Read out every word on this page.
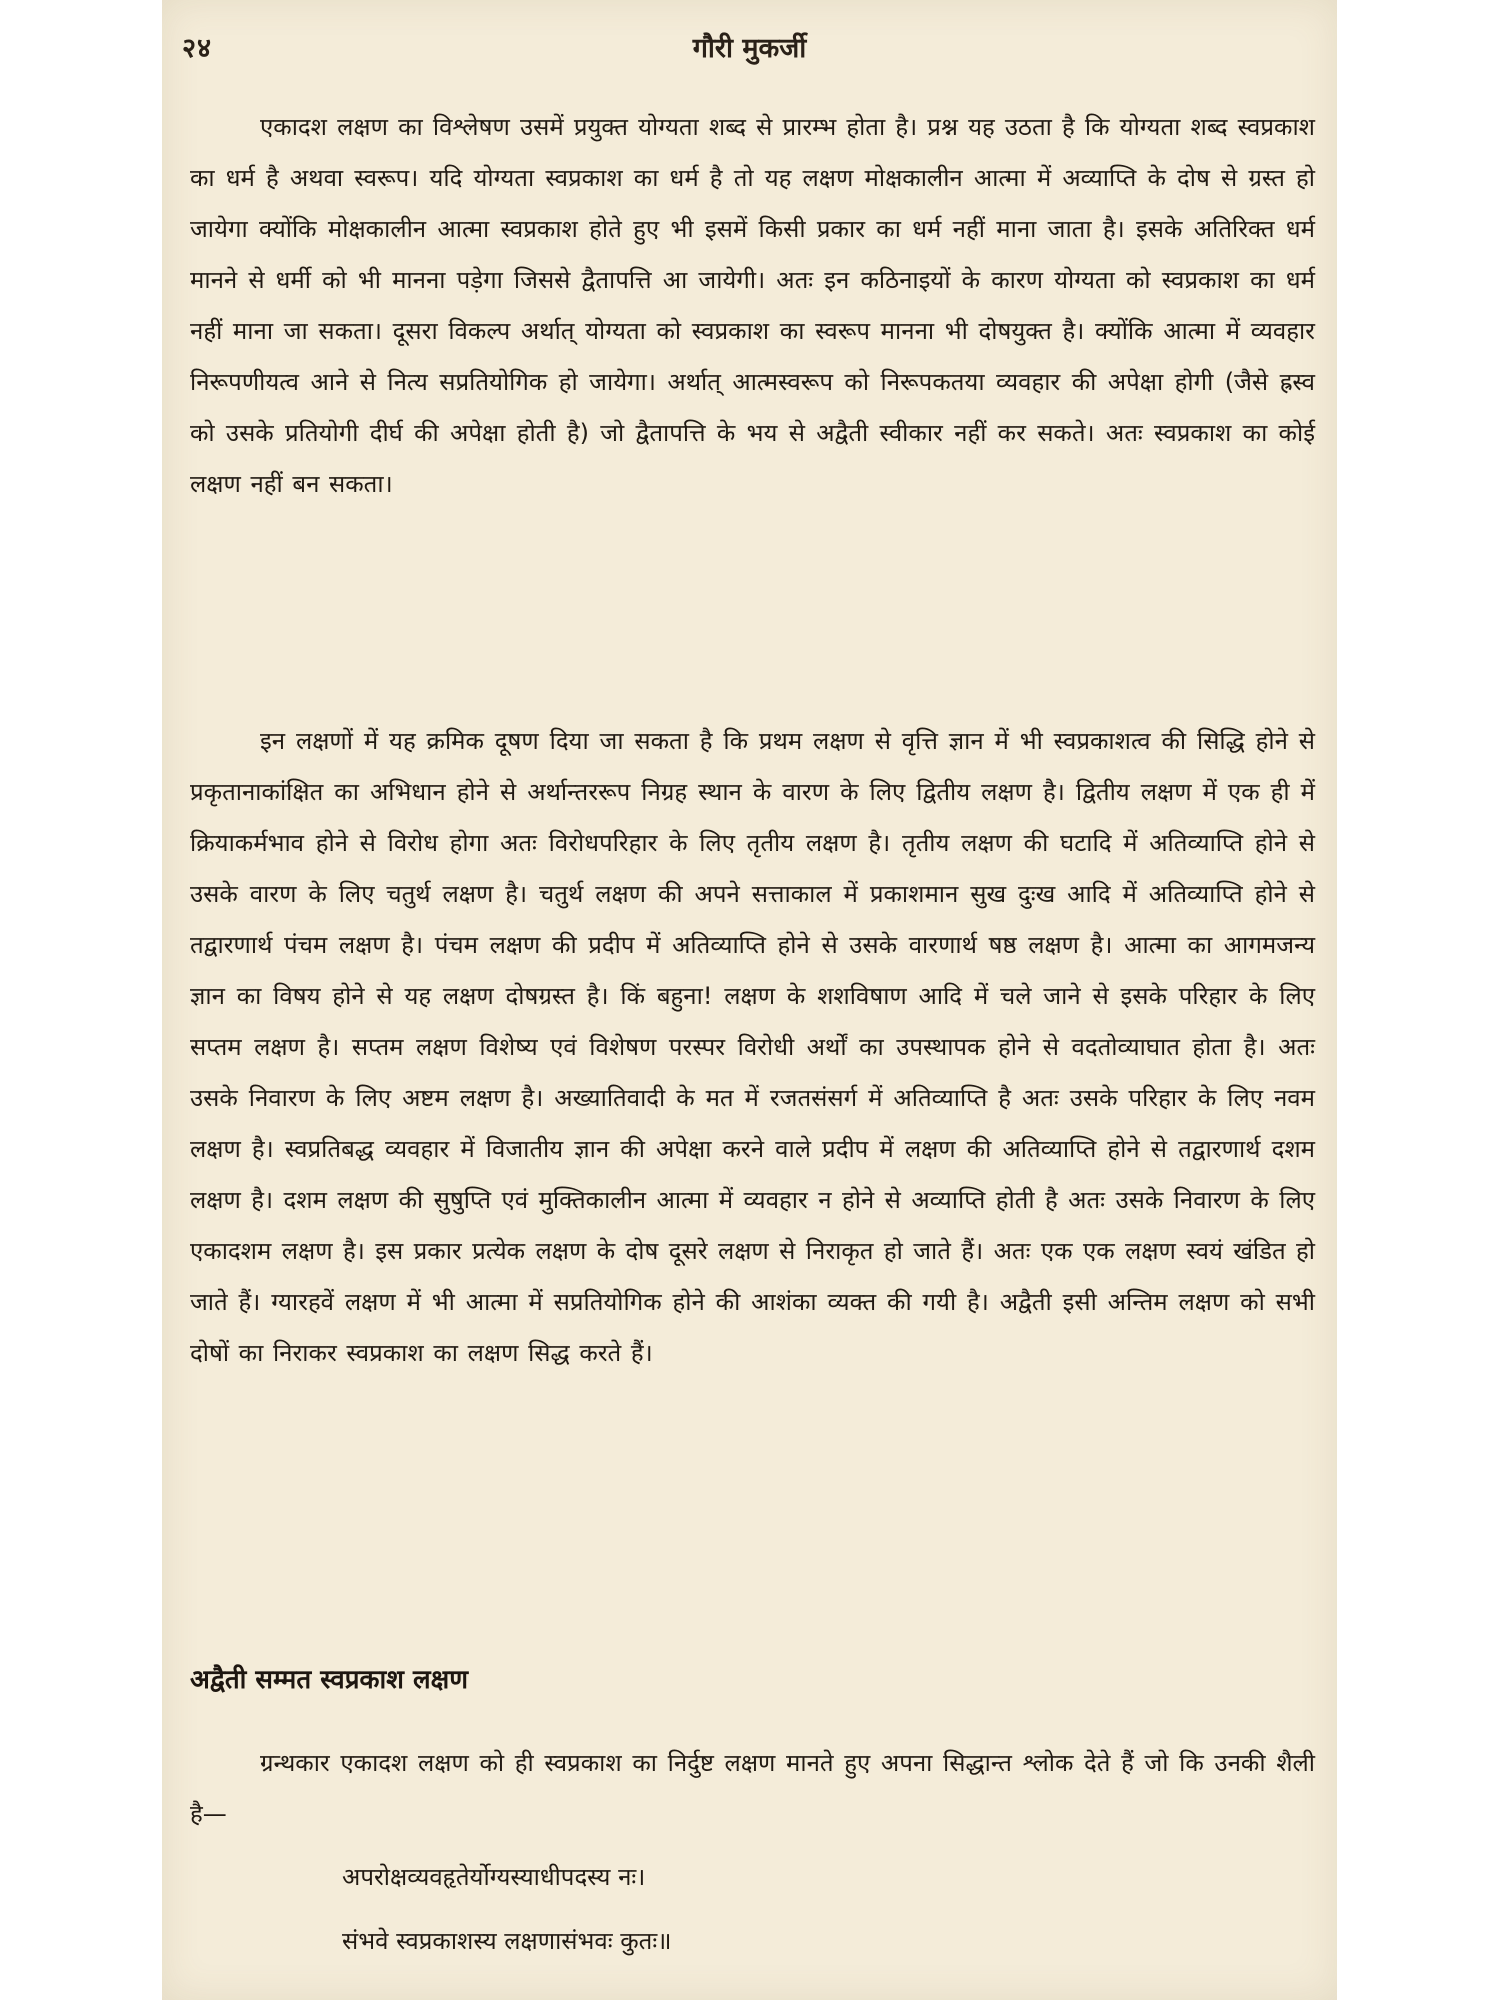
२४	गौरी मुकर्जी

एकादश लक्षण का विश्लेषण उसमें प्रयुक्त योग्यता शब्द से प्रारम्भ होता है। प्रश्न यह उठता है कि योग्यता शब्द स्वप्रकाश का धर्म है अथवा स्वरूप। यदि योग्यता स्वप्रकाश का धर्म है तो यह लक्षण मोक्षकालीन आत्मा में अव्याप्ति के दोष से ग्रस्त हो जायेगा क्योंकि मोक्षकालीन आत्मा स्वप्रकाश होते हुए भी इसमें किसी प्रकार का धर्म नहीं माना जाता है। इसके अतिरिक्त धर्म मानने से धर्मी को भी मानना पड़ेगा जिससे द्वैतापत्ति आ जायेगी। अतः इन कठिनाइयों के कारण योग्यता को स्वप्रकाश का धर्म नहीं माना जा सकता। दूसरा विकल्प अर्थात् योग्यता को स्वप्रकाश का स्वरूप मानना भी दोषयुक्त है। क्योंकि आत्मा में व्यवहार निरूपणीयत्व आने से नित्य सप्रतियोगिक हो जायेगा। अर्थात् आत्मस्वरूप को निरूपकतया व्यवहार की अपेक्षा होगी (जैसे ह्रस्व को उसके प्रतियोगी दीर्घ की अपेक्षा होती है) जो द्वैतापत्ति के भय से अद्वैती स्वीकार नहीं कर सकते। अतः स्वप्रकाश का कोई लक्षण नहीं बन सकता।

इन लक्षणों में यह क्रमिक दूषण दिया जा सकता है कि प्रथम लक्षण से वृत्ति ज्ञान में भी स्वप्रकाशत्व की सिद्धि होने से प्रकृतानाकांक्षित का अभिधान होने से अर्थान्तररूप निग्रह स्थान के वारण के लिए द्वितीय लक्षण है। द्वितीय लक्षण में एक ही में क्रियाकर्मभाव होने से विरोध होगा अतः विरोधपरिहार के लिए तृतीय लक्षण है। तृतीय लक्षण की घटादि में अतिव्याप्ति होने से उसके वारण के लिए चतुर्थ लक्षण है। चतुर्थ लक्षण की अपने सत्ताकाल में प्रकाशमान सुख दुःख आदि में अतिव्याप्ति होने से तद्वारणार्थ पंचम लक्षण है। पंचम लक्षण की प्रदीप में अतिव्याप्ति होने से उसके वारणार्थ षष्ठ लक्षण है। आत्मा का आगमजन्य ज्ञान का विषय होने से यह लक्षण दोषग्रस्त है। किं बहुना! लक्षण के शशविषाण आदि में चले जाने से इसके परिहार के लिए सप्तम लक्षण है। सप्तम लक्षण विशेष्य एवं विशेषण परस्पर विरोधी अर्थों का उपस्थापक होने से वदतोव्याघात होता है। अतः उसके निवारण के लिए अष्टम लक्षण है। अख्यातिवादी के मत में रजतसंसर्ग में अतिव्याप्ति है अतः उसके परिहार के लिए नवम लक्षण है। स्वप्रतिबद्ध व्यवहार में विजातीय ज्ञान की अपेक्षा करने वाले प्रदीप में लक्षण की अतिव्याप्ति होने से तद्वारणार्थ दशम लक्षण है। दशम लक्षण की सुषुप्ति एवं मुक्तिकालीन आत्मा में व्यवहार न होने से अव्याप्ति होती है अतः उसके निवारण के लिए एकादशम लक्षण है। इस प्रकार प्रत्येक लक्षण के दोष दूसरे लक्षण से निराकृत हो जाते हैं। अतः एक एक लक्षण स्वयं खंडित हो जाते हैं। ग्यारहवें लक्षण में भी आत्मा में सप्रतियोगिक होने की आशंका व्यक्त की गयी है। अद्वैती इसी अन्तिम लक्षण को सभी दोषों का निराकर स्वप्रकाश का लक्षण सिद्ध करते हैं।

अद्वैती सम्मत स्वप्रकाश लक्षण

ग्रन्थकार एकादश लक्षण को ही स्वप्रकाश का निर्दुष्ट लक्षण मानते हुए अपना सिद्धान्त श्लोक देते हैं जो कि उनकी शैली है—

अपरोक्षव्यवहृतेर्योग्यस्याधीपदस्य नः।
संभवे स्वप्रकाशस्य लक्षणासंभवः कुतः॥
